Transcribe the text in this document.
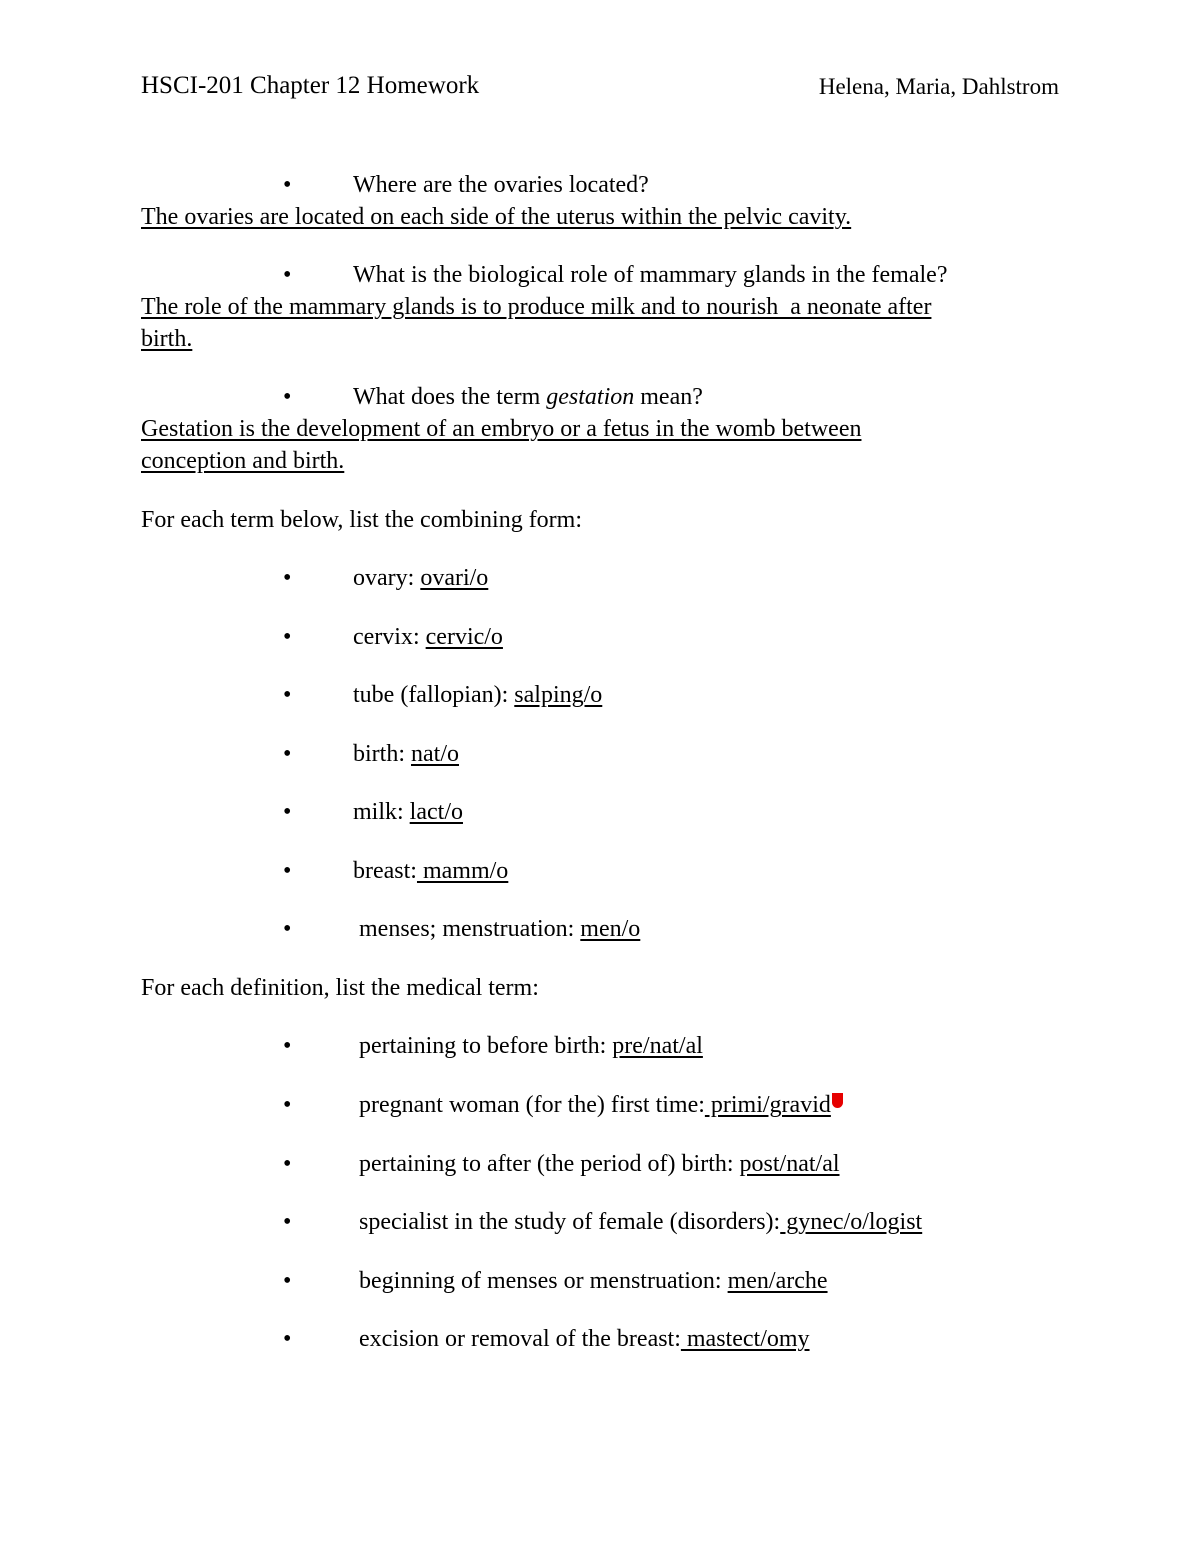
HSCI-201 Chapter 12 Homework	Helena, Maria, Dahlstrom
•	Where are the ovaries located?
The ovaries are located on each side of the uterus within the pelvic cavity.
•	What is the biological role of mammary glands in the female?
The role of the mammary glands is to produce milk and to nourish  a neonate after
birth.
•	What does the term gestation mean?
Gestation is the development of an embryo or a fetus in the womb between
conception and birth.
For each term below, list the combining form:
•	ovary: ovari/o
•	cervix: cervic/o
•	tube (fallopian): salping/o
•	birth: nat/o
•	milk: lact/o
•	breast: mamm/o
•	menses; menstruation: men/o
For each definition, list the medical term:
•	pertaining to before birth: pre/nat/al
•	pregnant woman (for the) first time: primi/gravid
•	pertaining to after (the period of) birth: post/nat/al
•	specialist in the study of female (disorders): gynec/o/logist
•	beginning of menses or menstruation: men/arche
•	excision or removal of the breast: mastect/omy
